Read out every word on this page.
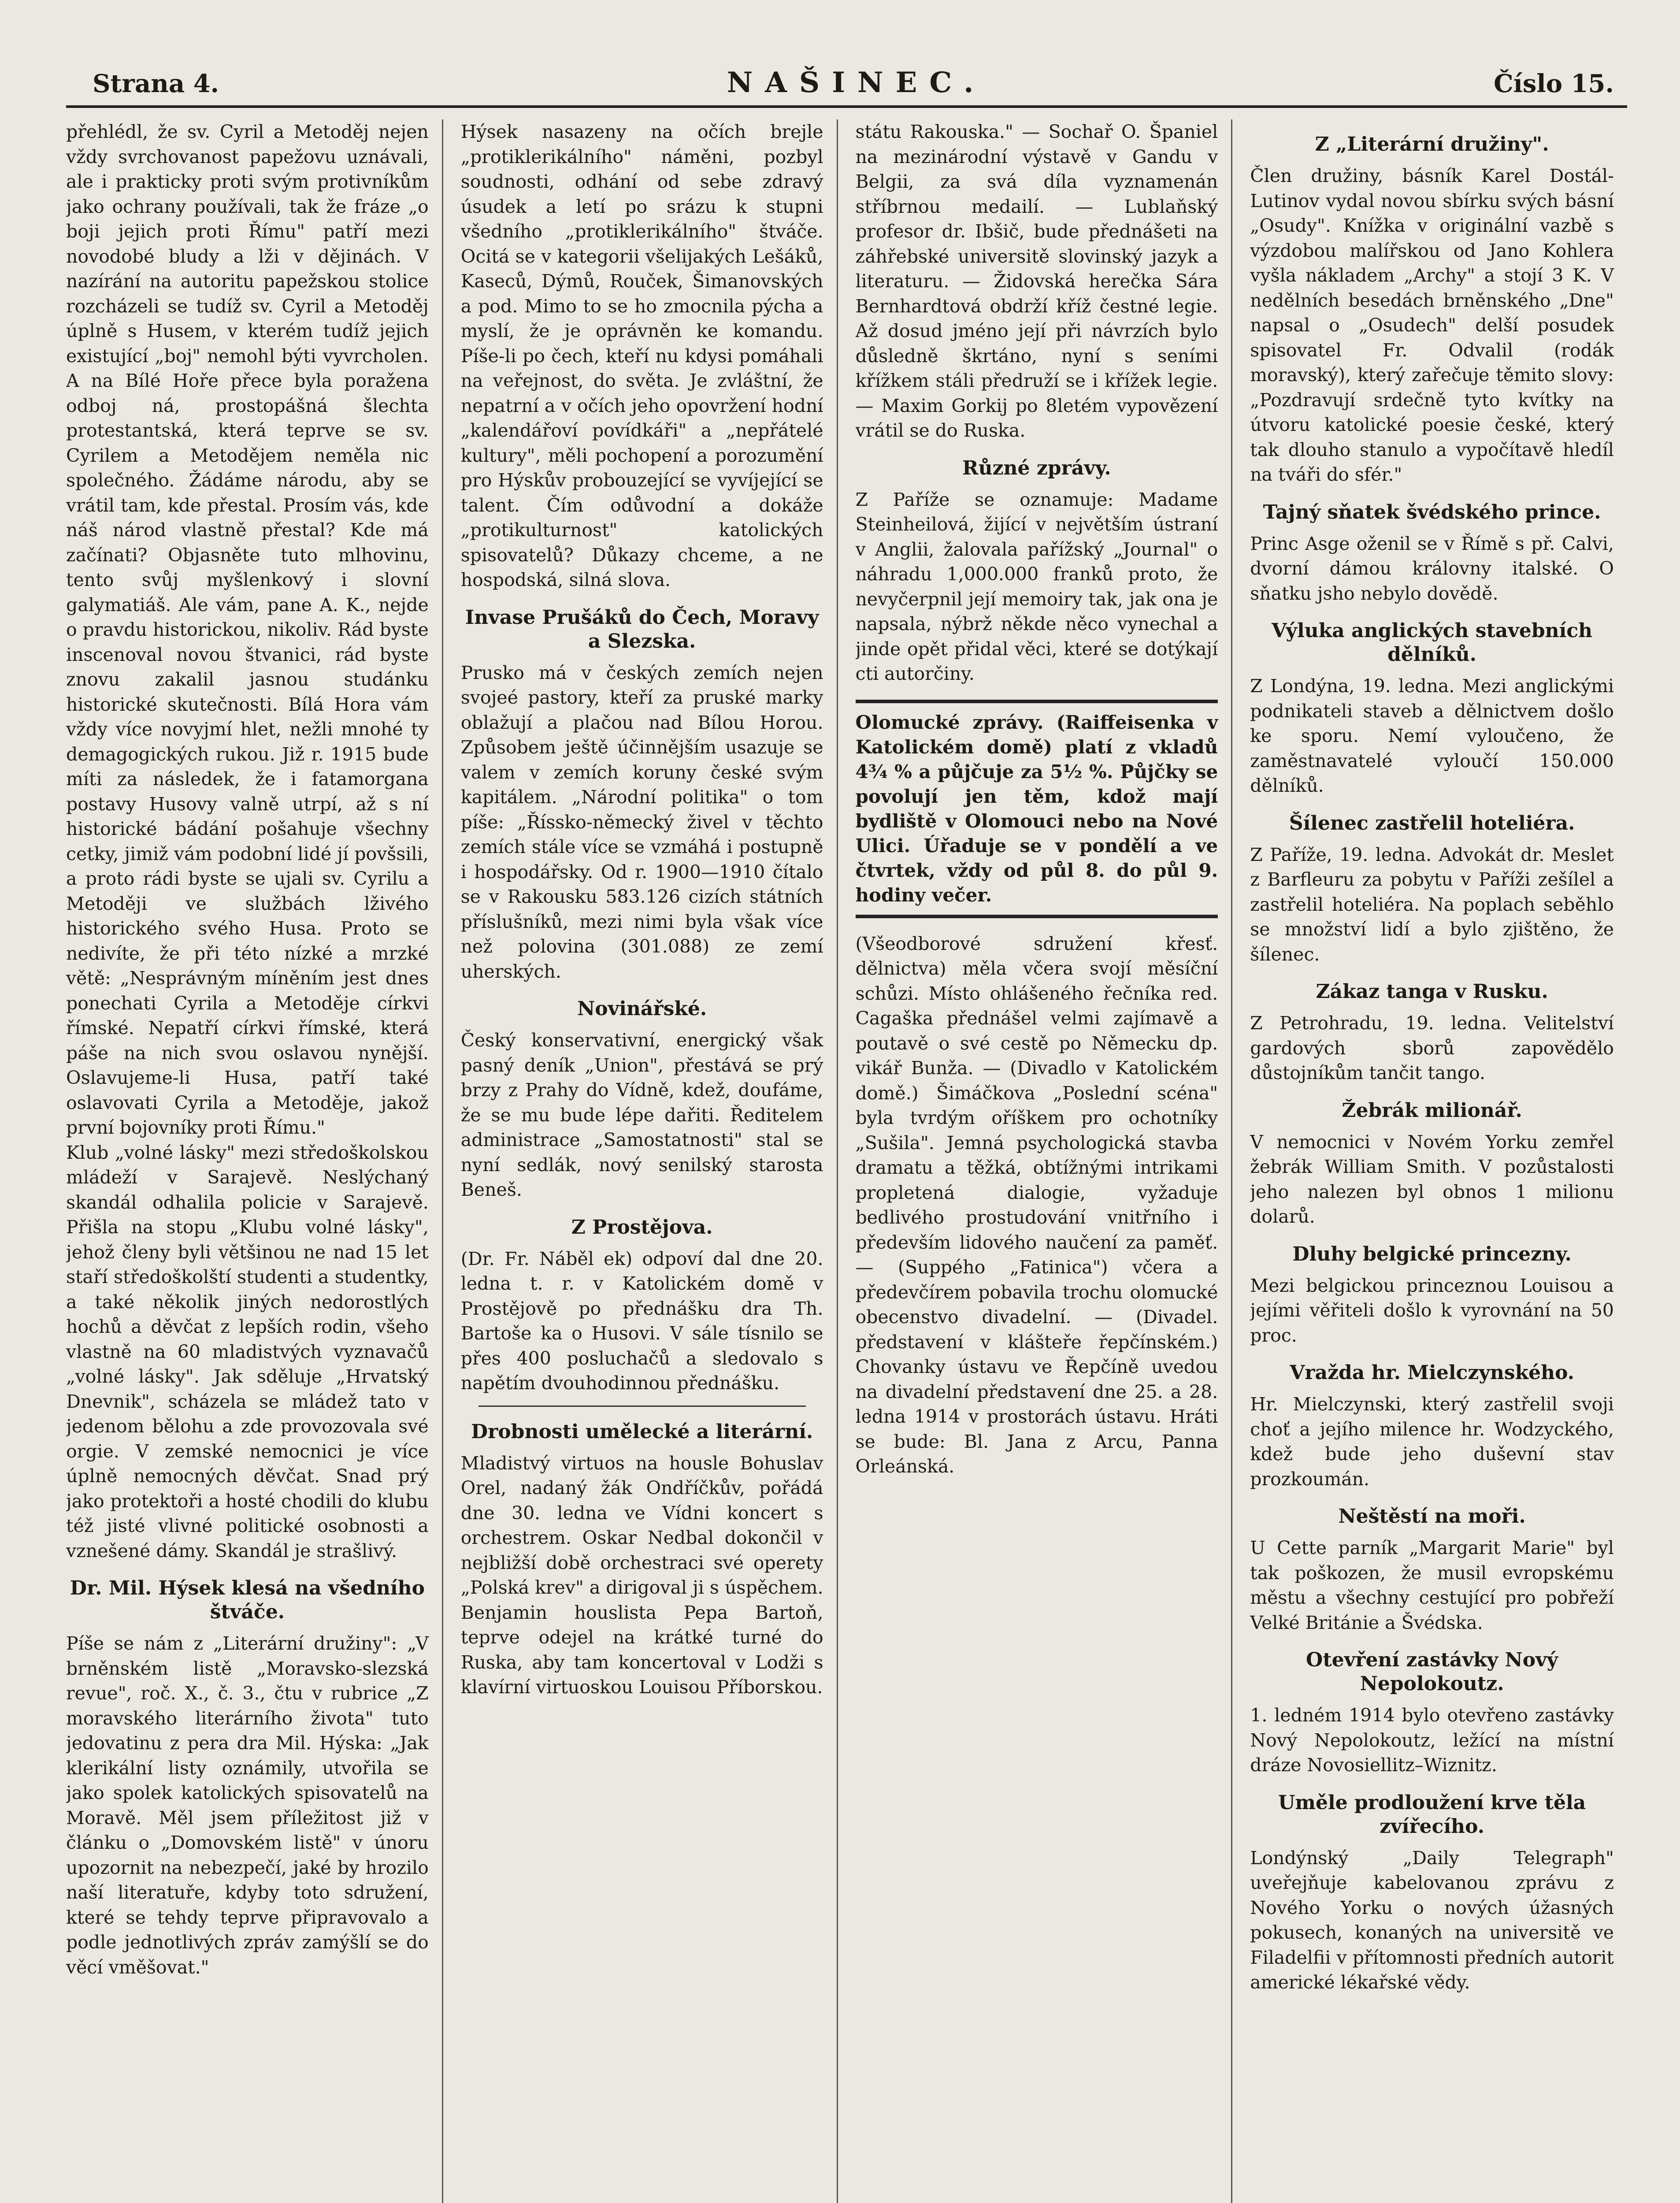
Strana 4.	NAŠINEC.	Číslo 15.

přehlédl, že sv. Cyril a Metoděj nejen vždy svrchovanost papežovu uznávali, ale i prakticky proti svým protivníkům jako ochrany používali, tak že fráze „o boji jejich proti Římu" patří mezi novodobé bludy a lži v dějinách. V nazírání na autoritu papežskou stolice rozcházeli se tudíž sv. Cyril a Metoděj úplně s Husem, v kterém tudíž jejich existující „boj" nemohl býti vyvrcholen. A na Bílé Hoře přece byla poražena odboj ná, prostopášná šlechta protestantská, která teprve se sv. Cyrilem a Metodějem neměla nic společného. Žádáme národu, aby se vrátil tam, kde přestal. Prosím vás, kde náš národ vlastně přestal? Kde má začínati? Objasněte tuto mlhovinu, tento svůj myšlenkový i slovní galymatiáš. Ale vám, pane A. K., nejde o pravdu historickou, nikoliv. Rád byste inscenoval novou štvanici, rád byste znovu zakalil jasnou studánku historické skutečnosti. Bílá Hora vám vždy více novyjmí hlet, nežli mnohé ty demagogických rukou. Již r. 1915 bude míti za následek, že i fatamorgana postavy Husovy valně utrpí, až s ní historické bádání pošahuje všechny cetky, jimiž vám podobní lidé jí povšsili, a proto rádi byste se ujali sv. Cyrilu a Metoději ve službách lživého historického svého Husa. Proto se nedivíte, že při této nízké a mrzké větě: „Nesprávným míněním jest dnes ponechati Cyrila a Metoděje církvi římské. Nepatří církvi římské, která páše na nich svou oslavou nynější. Oslavujeme-li Husa, patří také oslavovati Cyrila a Metoděje, jakož první bojovníky proti Římu."

Klub „volné lásky" mezi středoškolskou mládeží v Sarajevě. Neslýchaný skandál odhalila policie v Sarajevě. Přišla na stopu „Klubu volné lásky", jehož členy byli většinou ne nad 15 let staří středoškolští studenti a studentky, a také několik jiných nedorostlých hochů a děvčat z lepších rodin, všeho vlastně na 60 mladistvých vyznavačů „volné lásky". Jak sděluje „Hrvatský Dnevnik", scházela se mládež tato v jedenom bělohu a zde provozovala své orgie. V zemské nemocnici je více úplně nemocných děvčat. Snad prý jako protektoři a hosté chodili do klubu též jisté vlivné politické osobnosti a vznešené dámy. Skandál je strašlivý.

Dr. Mil. Hýsek klesá na všedního štváče.

Píše se nám z „Literární družiny": „V brněnském listě „Moravsko-slezská revue", roč. X., č. 3., čtu v rubrice „Z moravského literárního života" tuto jedovatinu z pera dra Mil. Hýska: „Jak klerikální listy oznámily, utvořila se jako spolek katolických spisovatelů na Moravě. Měl jsem příležitost již v článku o „Domovském listě" v únoru upozornit na nebezpečí, jaké by hrozilo naší literatuře, kdyby toto sdružení, které se tehdy teprve připravovalo a podle jednotlivých zpráv zamýšlí se do věcí vměšovat."

Hýsek nasazeny na očích brejle „protiklerikálního" náměni, pozbyl soudnosti, odhání od sebe zdravý úsudek a letí po srázu k stupni všedního „protiklerikálního" štváče. Ocitá se v kategorii všelijakých Lešáků, Kaseců, Dýmů, Rouček, Šimanovských a pod. Mimo to se ho zmocnila pýcha a myslí, že je oprávněn ke komandu. Píše-li po čech, kteří nu kdysi pomáhali na veřejnost, do světa. Je zvláštní, že nepatrní a v očích jeho opovržení hodní „kalendářoví povídkáři" a „nepřátelé kultury", měli pochopení a porozumění pro Hýskův probouzející se vyvíjející se talent. Čím odůvodní a dokáže „protikulturnost" katolických spisovatelů? Důkazy chceme, a ne hospodská, silná slova.

Invase Prušáků do Čech, Moravy a Slezska.

Prusko má v českých zemích nejen svojeé pastory, kteří za pruské marky oblažují a plačou nad Bílou Horou. Způsobem ještě účinnějším usazuje se valem v zemích koruny české svým kapitálem. „Národní politika" o tom píše: „Říssko-německý živel v těchto zemích stále více se vzmáhá i postupně i hospodářsky. Od r. 1900—1910 čítalo se v Rakousku 583.126 cizích státních příslušníků, mezi nimi byla však více než polovina (301.088) ze zemí uherských.

Novinářské.

Český konservativní, energický však pasný deník „Union", přestává se prý brzy z Prahy do Vídně, kdež, doufáme, že se mu bude lépe dařiti. Ředitelem administrace „Samostatnosti" stal se nyní sedlák, nový senilský starosta Beneš.

Z Prostějova.

(Dr. Fr. Náběl ek) odpoví dal dne 20. ledna t. r. v Katolickém domě v Prostějově po přednášku dra Th. Bartoše ka o Husovi. V sále tísnilo se přes 400 posluchačů a sledovalo s napětím dvouhodinnou přednášku.

Drobnosti umělecké a literární.

Mladistvý virtuos na housle Bohuslav Orel, nadaný žák Ondříčkův, pořádá dne 30. ledna ve Vídni koncert s orchestrem. Oskar Nedbal dokončil v nejbližší době orchestraci své operety „Polská krev" a dirigoval ji s úspěchem. Benjamin houslista Pepa Bartoň, teprve odejel na krátké turné do Ruska, aby tam koncertoval v Lodži s klavírní virtuoskou Louisou Příborskou.

státu Rakouska." — Sochař O. Španiel na mezinárodní výstavě v Gandu v Belgii, za svá díla vyznamenán stříbrnou medailí. — Lublaňský profesor dr. Ibšič, bude přednášeti na záhřebské universitě slovinský jazyk a literaturu. — Židovská herečka Sára Bernhardtová obdrží kříž čestné legie. Až dosud jméno její při návrzích bylo důsledně škrtáno, nyní s seními křížkem stáli předruží se i křížek legie. — Maxim Gorkij po 8letém vypovězení vrátil se do Ruska.

Různé zprávy.

Z Paříže se oznamuje: Madame Steinheilová, žijící v největším ústraní v Anglii, žalovala pařížský „Journal" o náhradu 1,000.000 franků proto, že nevyčerpnil její memoiry tak, jak ona je napsala, nýbrž někde něco vynechal a jinde opět přidal věci, které se dotýkají cti autorčiny.

Olomucké zprávy. (Raiffeisenka v Katolickém domě) platí z vkladů 4¾ % a půjčuje za 5½ %. Půjčky se povolují jen těm, kdož mají bydliště v Olomouci nebo na Nové Ulici. Úřaduje se v pondělí a ve čtvrtek, vždy od půl 8. do půl 9. hodiny večer.

(Všeodborové sdružení křesť. dělnictva) měla včera svojí měsíční schůzi. Místo ohlášeného řečníka red. Cagaška přednášel velmi zajímavě a poutavě o své cestě po Německu dp. vikář Bunža. — (Divadlo v Katolickém domě.) Šimáčkova „Poslední scéna" byla tvrdým oříškem pro ochotníky „Sušila". Jemná psychologická stavba dramatu a těžká, obtížnými intrikami propletená dialogie, vyžaduje bedlivého prostudování vnitřního i především lidového naučení za paměť. — (Suppého „Fatinica") včera a předevčírem pobavila trochu olomucké obecenstvo divadelní. — (Divadel. představení v klášteře řepčínském.) Chovanky ústavu ve Řepčíně uvedou na divadelní představení dne 25. a 28. ledna 1914 v prostorách ústavu. Hráti se bude: Bl. Jana z Arcu, Panna Orleánská.

Z „Literární družiny".

Člen družiny, básník Karel Dostál-Lutinov vydal novou sbírku svých básní „Osudy". Knížka v originální vazbě s výzdobou malířskou od Jano Kohlera vyšla nákladem „Archy" a stojí 3 K. V nedělních besedách brněnského „Dne" napsal o „Osudech" delší posudek spisovatel Fr. Odvalil (rodák moravský), který zařečuje těmito slovy: „Pozdravují srdečně tyto kvítky na útvoru katolické poesie české, který tak dlouho stanulo a vypočítavě hledíl na tváři do sfér."

Tajný sňatek švédského prince.

Princ Asge oženil se v Římě s př. Calvi, dvorní dámou královny italské. O sňatku jsho nebylo dovědě.

Výluka anglických stavebních dělníků.

Z Londýna, 19. ledna. Mezi anglickými podnikateli staveb a dělnictvem došlo ke sporu. Nemí vyloučeno, že zaměstnavatelé vyloučí 150.000 dělníků.

Šílenec zastřelil hoteliéra.

Z Paříže, 19. ledna. Advokát dr. Meslet z Barfleuru za pobytu v Paříži zešílel a zastřelil hoteliéra. Na poplach seběhlo se množství lidí a bylo zjištěno, že šílenec.

Zákaz tanga v Rusku.

Z Petrohradu, 19. ledna. Velitelství gardových sborů zapovědělo důstojníkům tančit tango.

Žebrák milionář.

V nemocnici v Novém Yorku zemřel žebrák William Smith. V pozůstalosti jeho nalezen byl obnos 1 milionu dolarů.

Dluhy belgické princezny.

Mezi belgickou princeznou Louisou a jejími věřiteli došlo k vyrovnání na 50 proc.

Vražda hr. Mielczynského.

Hr. Mielczynski, který zastřelil svoji choť a jejího milence hr. Wodzyckého, kdež bude jeho duševní stav prozkoumán.

Neštěstí na moři.

U Cette parník „Margarit Marie" byl tak poškozen, že musil evropskému městu a všechny cestující pro pobřeží Velké Británie a Švédska.

Otevření zastávky Nový Nepolokoutz.

1. ledném 1914 bylo otevřeno zastávky Nový Nepolokoutz, ležící na místní dráze Novosiellitz–Wiznitz.

Uměle prodloužení krve těla zvířecího.

Londýnský „Daily Telegraph" uveřejňuje kabelovanou zprávu z Nového Yorku o nových úžasných pokusech, konaných na universitě ve Filadelfii v přítomnosti předních autorit americké lékařské vědy.
